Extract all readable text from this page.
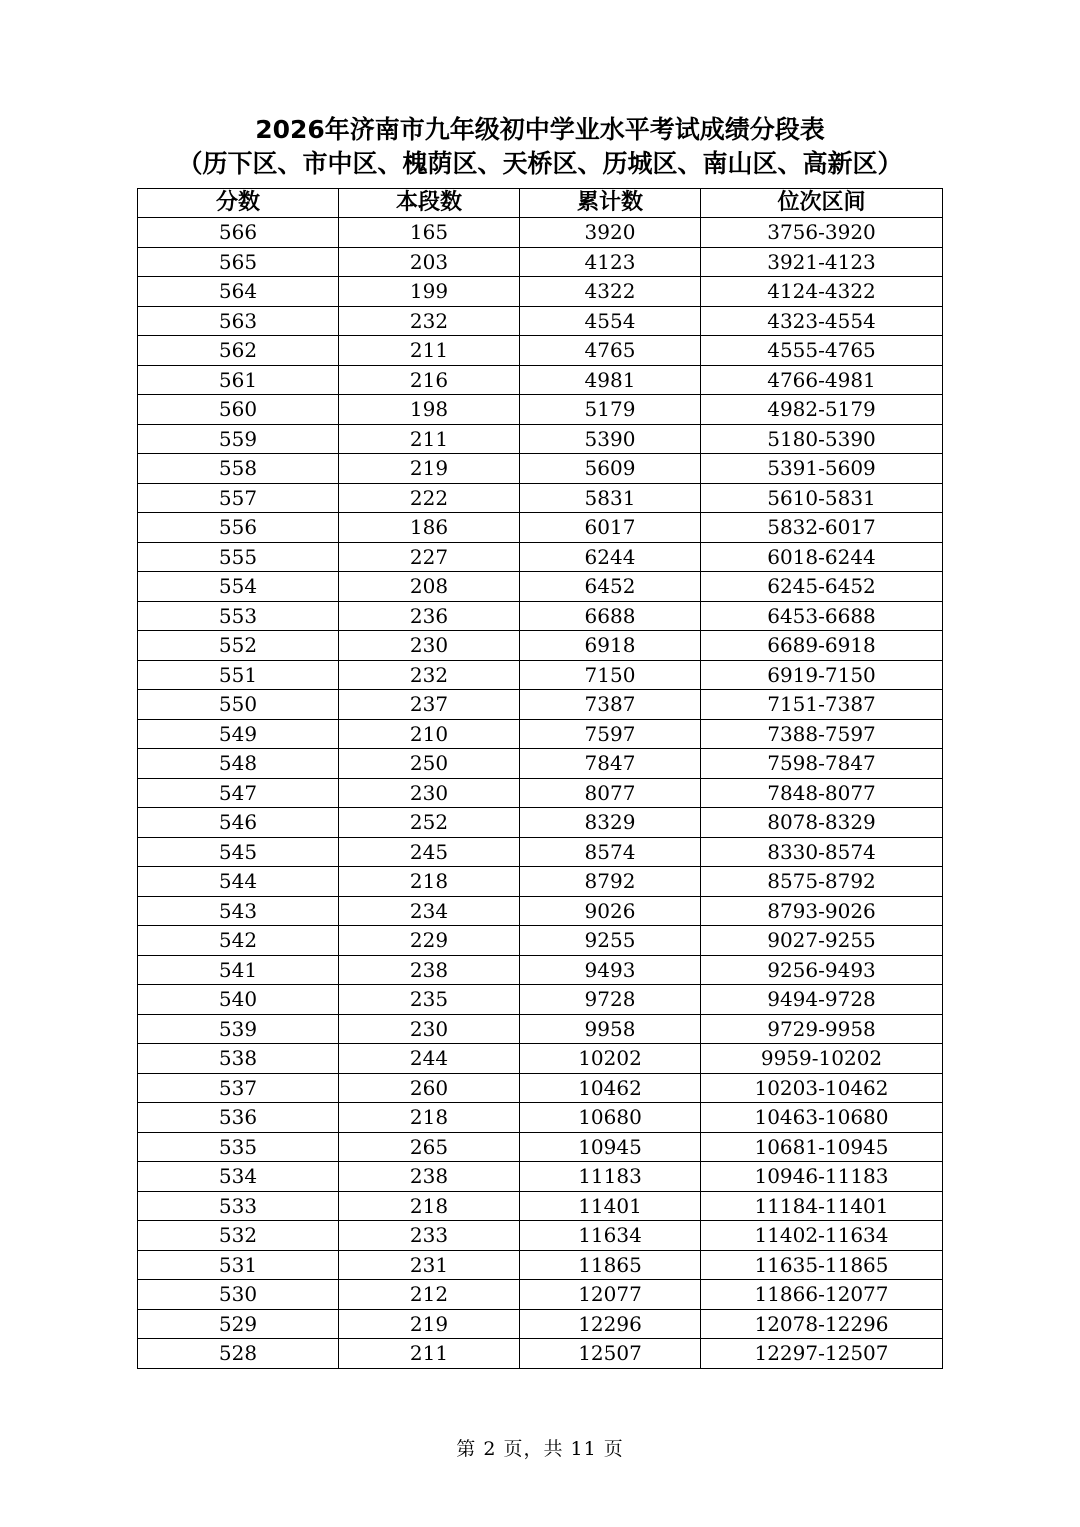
2026年济南市九年级初中学业水平考试成绩分段表
（历下区、市中区、槐荫区、天桥区、历城区、南山区、高新区）
分数	本段数	累计数	位次区间
566	165	3920	3756-3920
565	203	4123	3921-4123
564	199	4322	4124-4322
563	232	4554	4323-4554
562	211	4765	4555-4765
561	216	4981	4766-4981
560	198	5179	4982-5179
559	211	5390	5180-5390
558	219	5609	5391-5609
557	222	5831	5610-5831
556	186	6017	5832-6017
555	227	6244	6018-6244
554	208	6452	6245-6452
553	236	6688	6453-6688
552	230	6918	6689-6918
551	232	7150	6919-7150
550	237	7387	7151-7387
549	210	7597	7388-7597
548	250	7847	7598-7847
547	230	8077	7848-8077
546	252	8329	8078-8329
545	245	8574	8330-8574
544	218	8792	8575-8792
543	234	9026	8793-9026
542	229	9255	9027-9255
541	238	9493	9256-9493
540	235	9728	9494-9728
539	230	9958	9729-9958
538	244	10202	9959-10202
537	260	10462	10203-10462
536	218	10680	10463-10680
535	265	10945	10681-10945
534	238	11183	10946-11183
533	218	11401	11184-11401
532	233	11634	11402-11634
531	231	11865	11635-11865
530	212	12077	11866-12077
529	219	12296	12078-12296
528	211	12507	12297-12507
第 2 页，共 11 页
